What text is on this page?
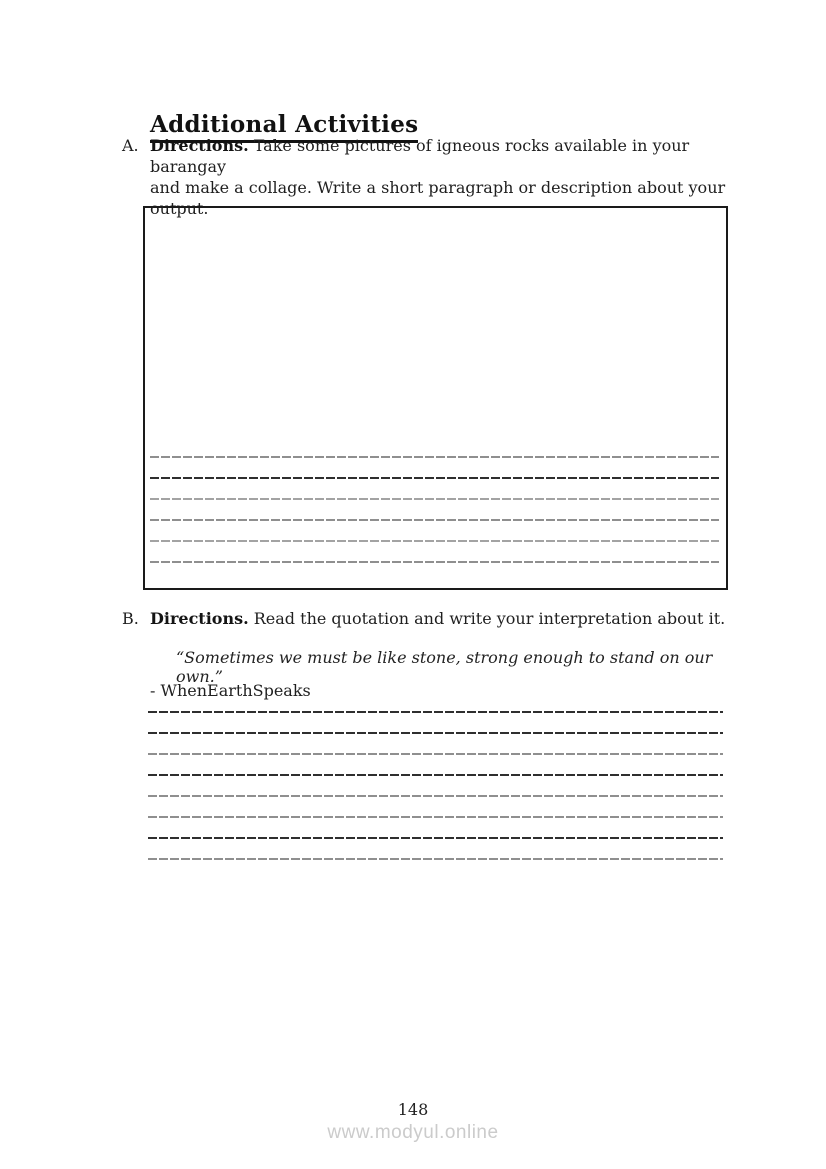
Additional Activities
A. Directions. Take some pictures of igneous rocks available in your barangay
and make a collage. Write a short paragraph or description about your
output.
B. Directions. Read the quotation and write your interpretation about it.
“Sometimes we must be like stone, strong enough to stand on our own.”
- WhenEarthSpeaks
148
www.modyul.online
